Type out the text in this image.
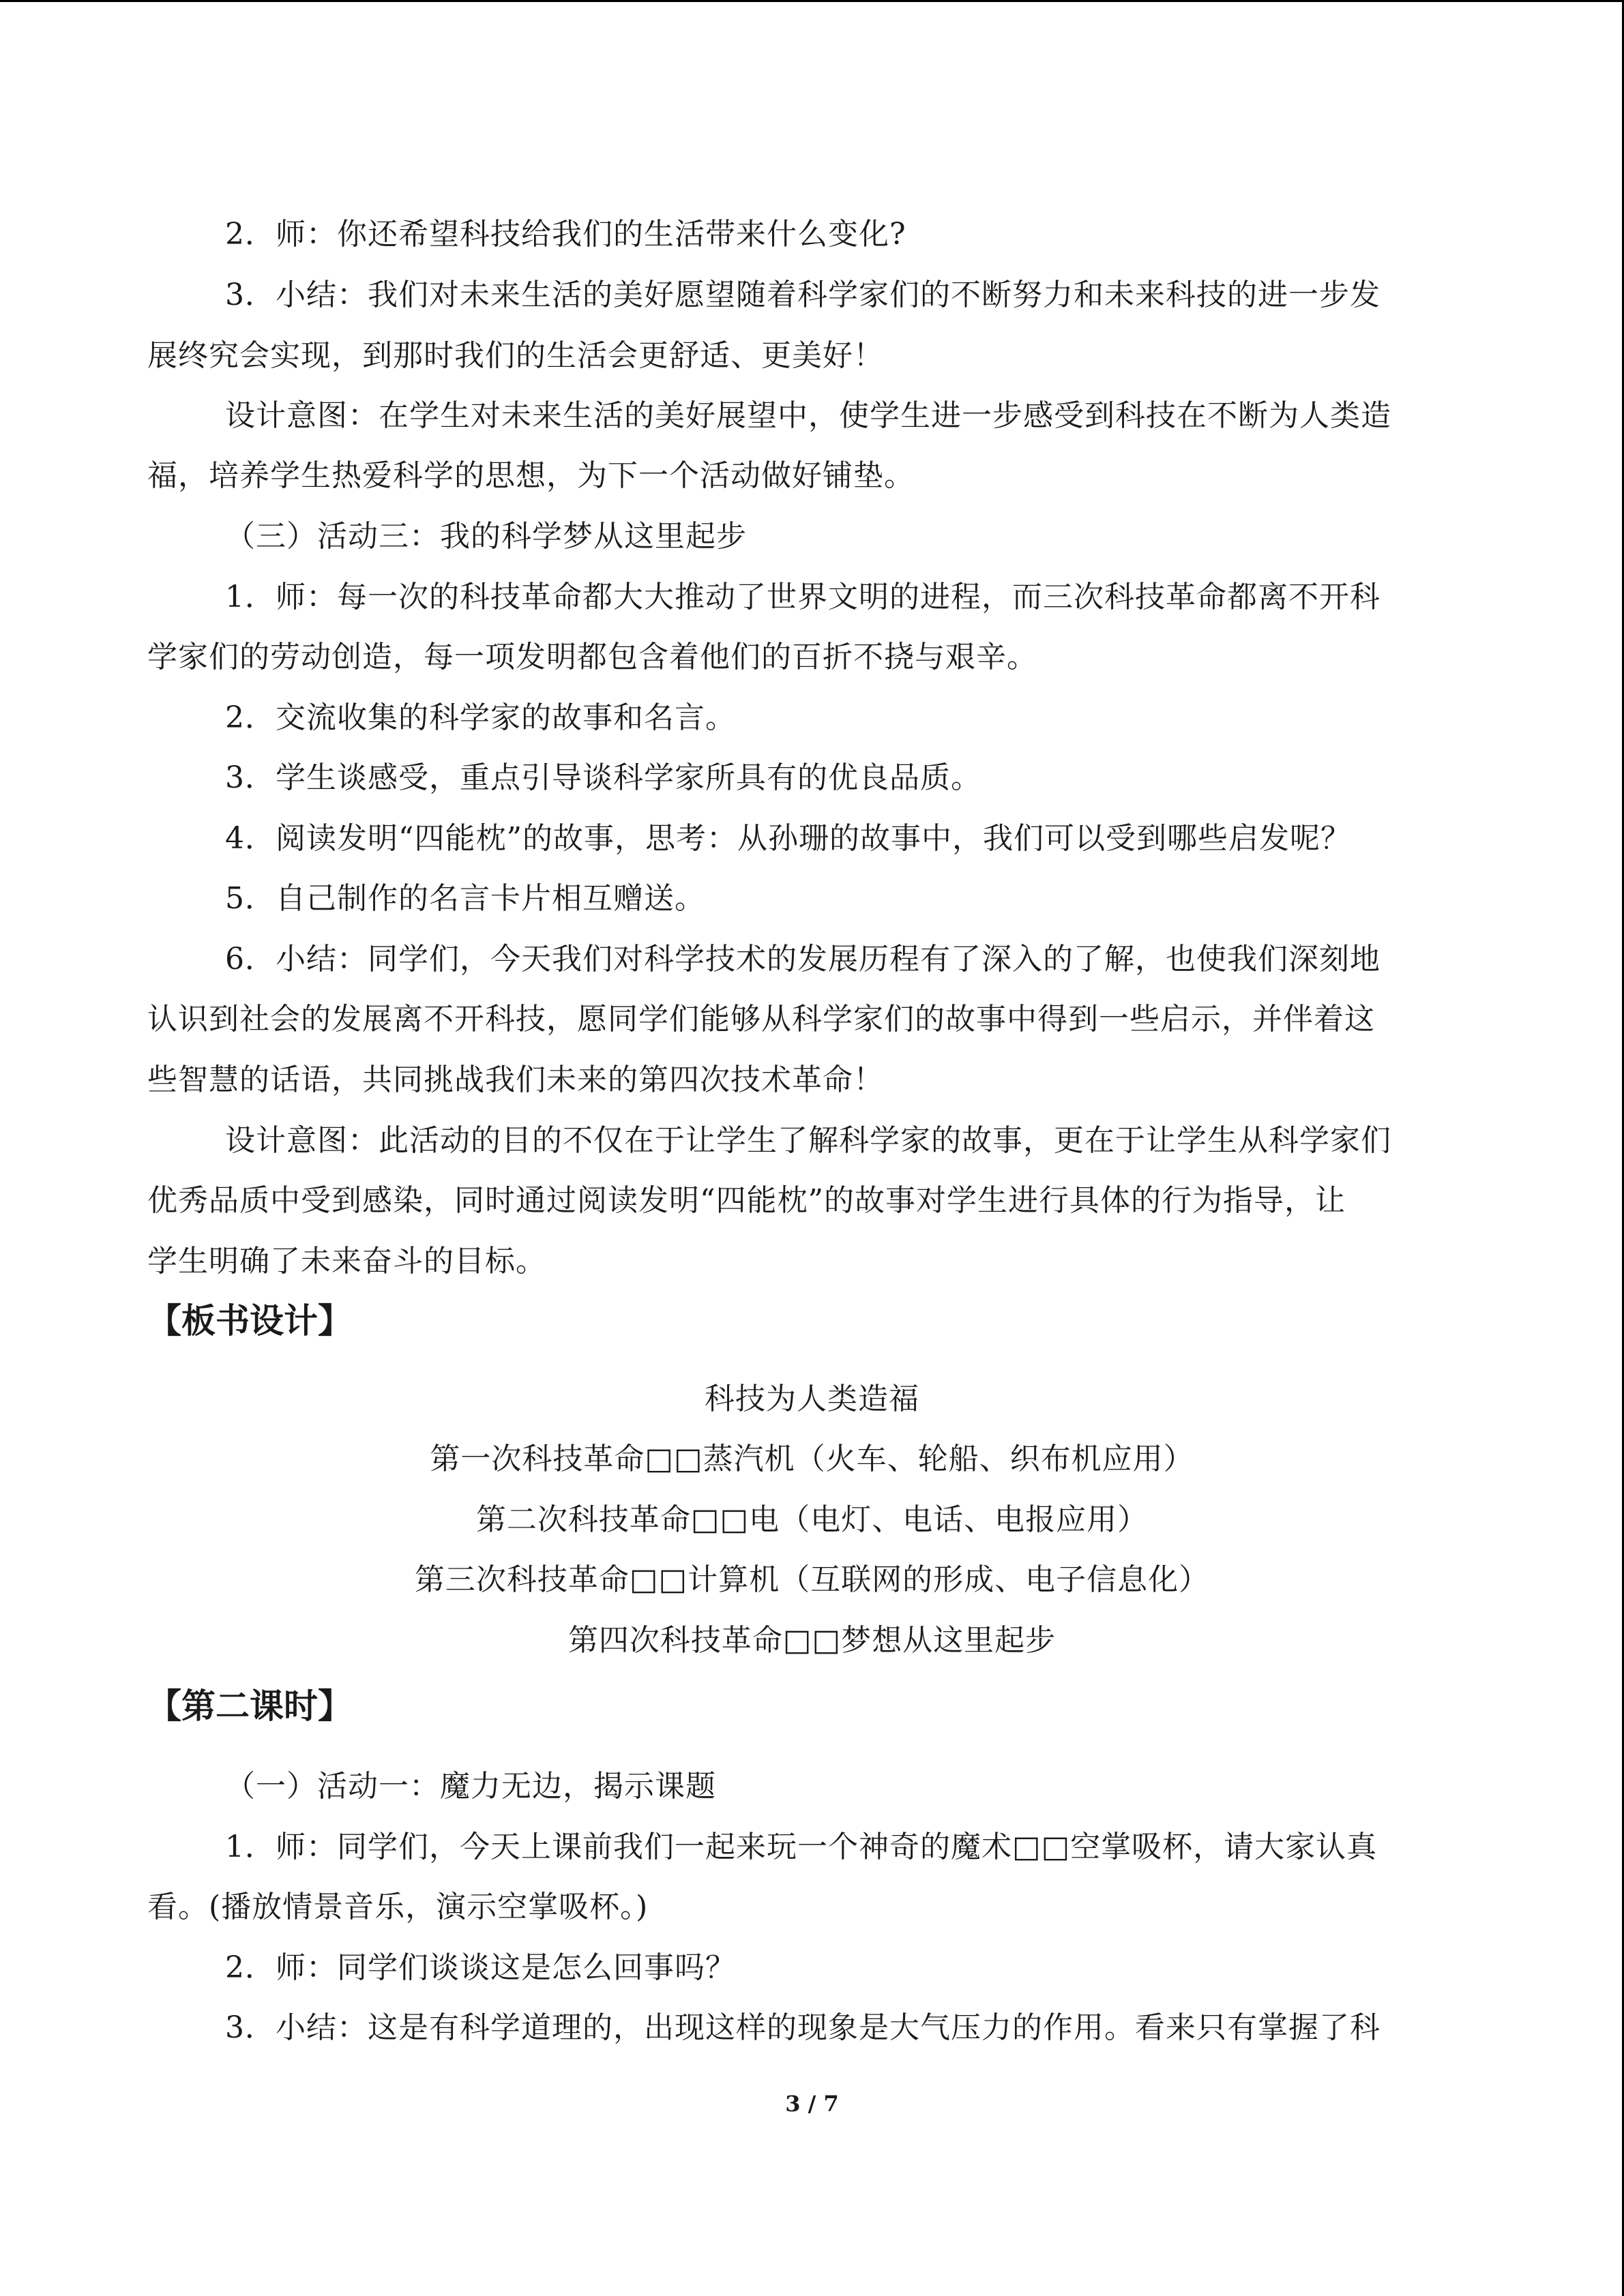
2．师：你还希望科技给我们的生活带来什么变化?
3．小结：我们对未来生活的美好愿望随着科学家们的不断努力和未来科技的进一步发
展终究会实现，到那时我们的生活会更舒适、更美好！
设计意图：在学生对未来生活的美好展望中，使学生进一步感受到科技在不断为人类造
福，培养学生热爱科学的思想，为下一个活动做好铺垫。
（三）活动三：我的科学梦从这里起步
1．师：每一次的科技革命都大大推动了世界文明的进程，而三次科技革命都离不开科
学家们的劳动创造，每一项发明都包含着他们的百折不挠与艰辛。
2．交流收集的科学家的故事和名言。
3．学生谈感受，重点引导谈科学家所具有的优良品质。
4．阅读发明“四能枕”的故事，思考：从孙珊的故事中，我们可以受到哪些启发呢？
5．自己制作的名言卡片相互赠送。
6．小结：同学们，今天我们对科学技术的发展历程有了深入的了解，也使我们深刻地
认识到社会的发展离不开科技，愿同学们能够从科学家们的故事中得到一些启示，并伴着这
些智慧的话语，共同挑战我们未来的第四次技术革命！
设计意图：此活动的目的不仅在于让学生了解科学家的故事，更在于让学生从科学家们
优秀品质中受到感染，同时通过阅读发明“四能枕”的故事对学生进行具体的行为指导，让
学生明确了未来奋斗的目标。
【板书设计】
科技为人类造福
第一次科技革命□□蒸汽机（火车、轮船、织布机应用）
第二次科技革命□□电（电灯、电话、电报应用）
第三次科技革命□□计算机（互联网的形成、电子信息化）
第四次科技革命□□梦想从这里起步
【第二课时】
（一）活动一：魔力无边，揭示课题
1．师：同学们，今天上课前我们一起来玩一个神奇的魔术□□空掌吸杯，请大家认真
看。(播放情景音乐，演示空掌吸杯。)
2．师：同学们谈谈这是怎么回事吗？
3．小结：这是有科学道理的，出现这样的现象是大气压力的作用。看来只有掌握了科
3 / 7
